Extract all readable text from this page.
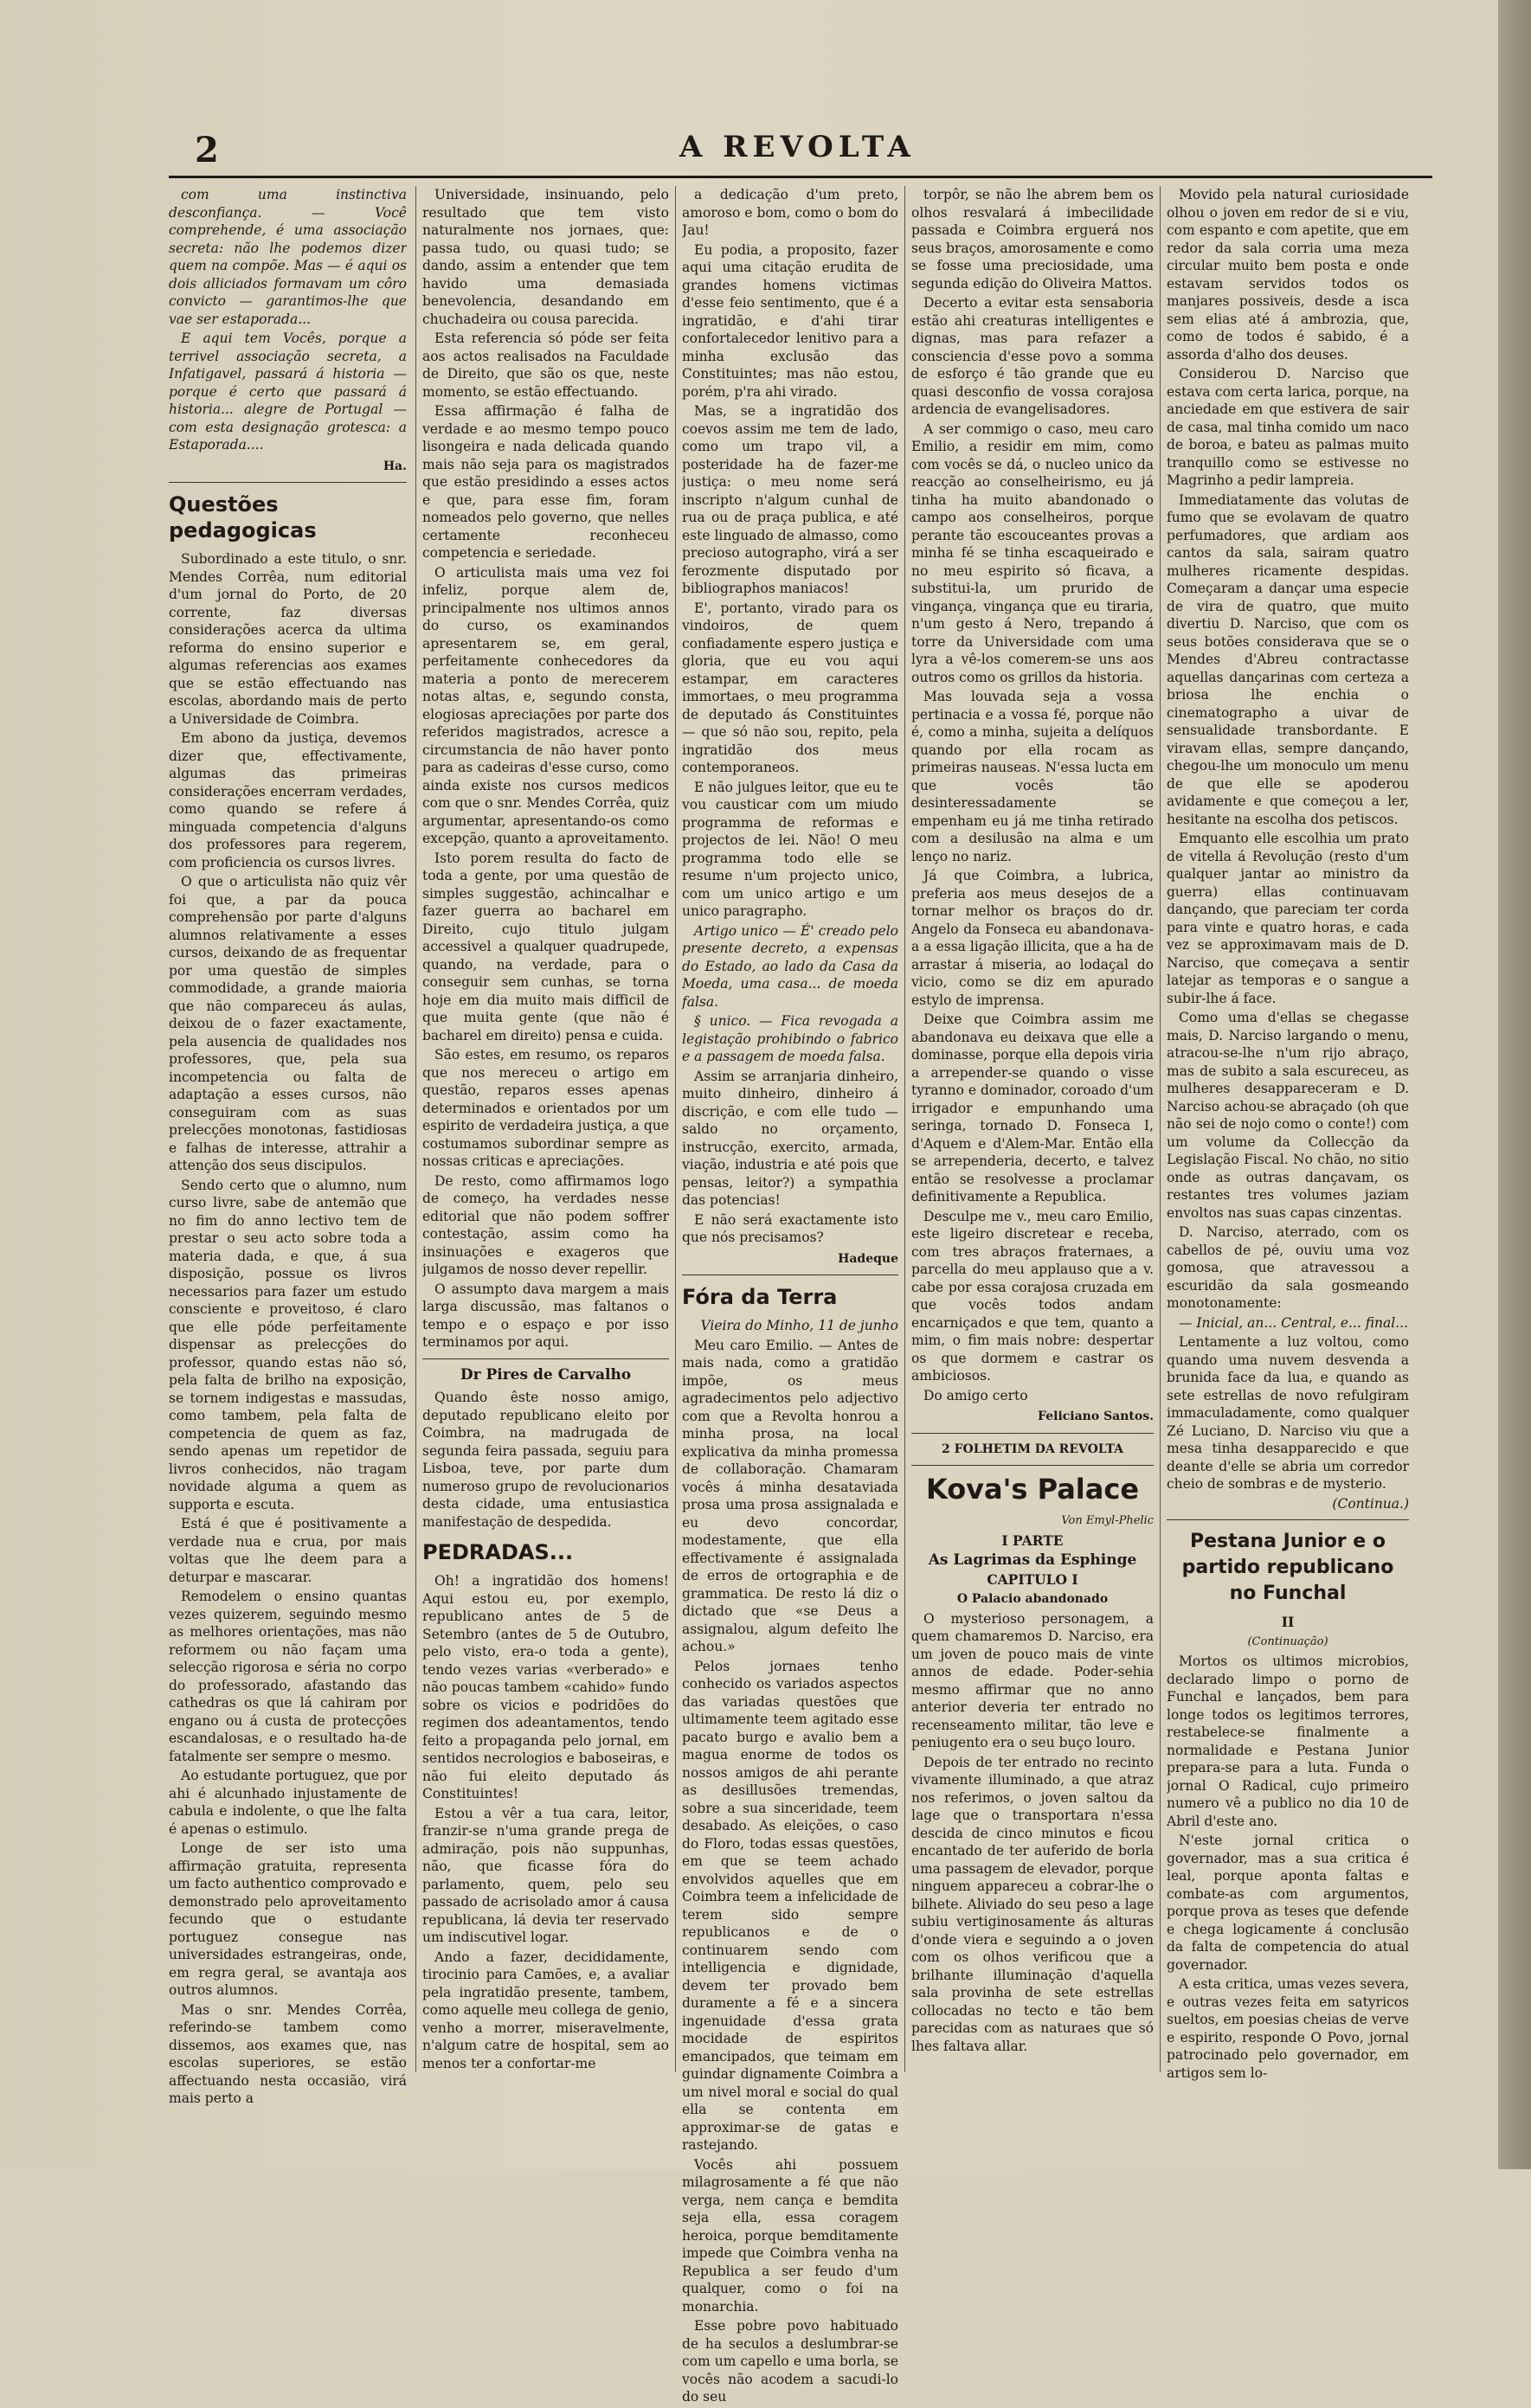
2	A REVOLTA

com uma instinctiva desconfiança. — Você comprehende, é uma associação secreta: não lhe podemos dizer quem na compõe. Mas — é aqui os dois alliciados formavam um côro convicto — garantimos-lhe que vae ser estaporada...

E aqui tem Vocês, porque a terrivel associação secreta, a Infatigavel, passará á historia — porque é certo que passará á historia... alegre de Portugal — com esta designação grotesca: a Estaporada....

Ha.
Questões pedagogicas

Subordinado a este titulo, o snr. Mendes Corrêa, num editorial d'um jornal do Porto, de 20 corrente, faz diversas considerações acerca da ultima reforma do ensino superior e algumas referencias aos exames que se estão effectuando nas escolas, abordando mais de perto a Universidade de Coimbra.

Em abono da justiça, devemos dizer que, effectivamente, algumas das primeiras considerações encerram verdades, como quando se refere á minguada competencia d'alguns dos professores para regerem, com proficiencia os cursos livres.

O que o articulista não quiz vêr foi que, a par da pouca comprehensão por parte d'alguns alumnos relativamente a esses cursos, deixando de as frequentar por uma questão de simples commodidade, a grande maioria que não compareceu ás aulas, deixou de o fazer exactamente, pela ausencia de qualidades nos professores, que, pela sua incompetencia ou falta de adaptação a esses cursos, não conseguiram com as suas prelecções monotonas, fastidiosas e falhas de interesse, attrahir a attenção dos seus discipulos.

Sendo certo que o alumno, num curso livre, sabe de antemão que no fim do anno lectivo tem de prestar o seu acto sobre toda a materia dada, e que, á sua disposição, possue os livros necessarios para fazer um estudo consciente e proveitoso, é claro que elle póde perfeitamente dispensar as prelecções do professor, quando estas não só, pela falta de brilho na exposição, se tornem indigestas e massudas, como tambem, pela falta de competencia de quem as faz, sendo apenas um repetidor de livros conhecidos, não tragam novidade alguma a quem as supporta e escuta.

Está é que é positivamente a verdade nua e crua, por mais voltas que lhe deem para a deturpar e mascarar.

Remodelem o ensino quantas vezes quizerem, seguindo mesmo as melhores orientações, mas não reformem ou não façam uma selecção rigorosa e séria no corpo do professorado, afastando das cathedras os que lá cahiram por engano ou á custa de protecções escandalosas, e o resultado ha-de fatalmente ser sempre o mesmo.

Ao estudante portuguez, que por ahi é alcunhado injustamente de cabula e indolente, o que lhe falta é apenas o estimulo.

Longe de ser isto uma affirmação gratuita, representa um facto authentico comprovado e demonstrado pelo aproveitamento fecundo que o estudante portuguez consegue nas universidades estrangeiras, onde, em regra geral, se avantaja aos outros alumnos.

Mas o snr. Mendes Corrêa, referindo-se tambem como dissemos, aos exames que, nas escolas superiores, se estão affectuando nesta occasião, virá mais perto a

Universidade, insinuando, pelo resultado que tem visto naturalmente nos jornaes, que: passa tudo, ou quasi tudo; se dando, assim a entender que tem havido uma demasiada benevolencia, desandando em chuchadeira ou cousa parecida.

Esta referencia só póde ser feita aos actos realisados na Faculdade de Direito, que são os que, neste momento, se estão effectuando.

Essa affirmação é falha de verdade e ao mesmo tempo pouco lisongeira e nada delicada quando mais não seja para os magistrados que estão presidindo a esses actos e que, para esse fim, foram nomeados pelo governo, que nelles certamente reconheceu competencia e seriedade.

O articulista mais uma vez foi infeliz, porque alem de, principalmente nos ultimos annos do curso, os examinandos apresentarem se, em geral, perfeitamente conhecedores da materia a ponto de merecerem notas altas, e, segundo consta, elogiosas apreciações por parte dos referidos magistrados, acresce a circumstancia de não haver ponto para as cadeiras d'esse curso, como ainda existe nos cursos medicos com que o snr. Mendes Corrêa, quiz argumentar, apresentando-os como excepção, quanto a aproveitamento.

Isto porem resulta do facto de toda a gente, por uma questão de simples suggestão, achincalhar e fazer guerra ao bacharel em Direito, cujo titulo julgam accessivel a qualquer quadrupede, quando, na verdade, para o conseguir sem cunhas, se torna hoje em dia muito mais difficil de que muita gente (que não é bacharel em direito) pensa e cuida.

São estes, em resumo, os reparos que nos mereceu o artigo em questão, reparos esses apenas determinados e orientados por um espirito de verdadeira justiça, a que costumamos subordinar sempre as nossas criticas e apreciações.

De resto, como affirmamos logo de começo, ha verdades nesse editorial que não podem soffrer contestação, assim como ha insinuações e exageros que julgamos de nosso dever repellir.

O assumpto dava margem a mais larga discussão, mas faltanos o tempo e o espaço e por isso terminamos por aqui.

Dr Pires de Carvalho

Quando êste nosso amigo, deputado republicano eleito por Coimbra, na madrugada de segunda feira passada, seguiu para Lisboa, teve, por parte dum numeroso grupo de revolucionarios desta cidade, uma entusiastica manifestação de despedida.

PEDRADAS...

Oh! a ingratidão dos homens! Aqui estou eu, por exemplo, republicano antes de 5 de Setembro (antes de 5 de Outubro, pelo visto, era-o toda a gente), tendo vezes varias «verberado» e não poucas tambem «cahido» fundo sobre os vicios e podridões do regimen dos adeantamentos, tendo feito a propaganda pelo jornal, em sentidos necrologios e baboseiras, e não fui eleito deputado ás Constituintes!

Estou a vêr a tua cara, leitor, franzir-se n'uma grande prega de admiração, pois não suppunhas, não, que ficasse fóra do parlamento, quem, pelo seu passado de acrisolado amor á causa republicana, lá devia ter reservado um indiscutivel logar.

Ando a fazer, decididamente, tirocinio para Camões, e, a avaliar pela ingratidão presente, tambem, como aquelle meu collega de genio, venho a morrer, miseravelmente, n'algum catre de hospital, sem ao menos ter a confortar-me

a dedicação d'um preto, amoroso e bom, como o bom do Jau!

Eu podia, a proposito, fazer aqui uma citação erudita de grandes homens victimas d'esse feio sentimento, que é a ingratidão, e d'ahi tirar confortalecedor lenitivo para a minha exclusão das Constituintes; mas não estou, porém, p'ra ahi virado.

Mas, se a ingratidão dos coevos assim me tem de lado, como um trapo vil, a posteridade ha de fazer-me justiça: o meu nome será inscripto n'algum cunhal de rua ou de praça publica, e até este linguado de almasso, como precioso autographo, virá a ser ferozmente disputado por bibliographos maniacos!

E', portanto, virado para os vindoiros, de quem confiadamente espero justiça e gloria, que eu vou aqui estampar, em caracteres immortaes, o meu programma de deputado ás Constituintes — que só não sou, repito, pela ingratidão dos meus contemporaneos.

E não julgues leitor, que eu te vou causticar com um miudo programma de reformas e projectos de lei. Não! O meu programma todo elle se resume n'um projecto unico, com um unico artigo e um unico paragrapho.

Artigo unico — É' creado pelo presente decreto, a expensas do Estado, ao lado da Casa da Moeda, uma casa... de moeda falsa.

§ unico. — Fica revogada a legistação prohibindo o fabrico e a passagem de moeda falsa.

Assim se arranjaria dinheiro, muito dinheiro, dinheiro á discrição, e com elle tudo — saldo no orçamento, instrucção, exercito, armada, viação, industria e até pois que pensas, leitor?) a sympathia das potencias!

E não será exactamente isto que nós precisamos?

Hadeque
Fóra da Terra

Vieira do Minho, 11 de junho

Meu caro Emilio. — Antes de mais nada, como a gratidão impõe, os meus agradecimentos pelo adjectivo com que a Revolta honrou a minha prosa, na local explicativa da minha promessa de collaboração. Chamaram vocês á minha desataviada prosa uma prosa assignalada e eu devo concordar, modestamente, que ella effectivamente é assignalada de erros de ortographia e de grammatica. De resto lá diz o dictado que «se Deus a assignalou, algum defeito lhe achou.»

Pelos jornaes tenho conhecido os variados aspectos das variadas questões que ultimamente teem agitado esse pacato burgo e avalio bem a magua enorme de todos os nossos amigos de ahi perante as desillusões tremendas, sobre a sua sinceridade, teem desabado. As eleições, o caso do Floro, todas essas questões, em que se teem achado envolvidos aquelles que em Coimbra teem a infelicidade de terem sido sempre republicanos e de o continuarem sendo com intelligencia e dignidade, devem ter provado bem duramente a fé e a sincera ingenuidade d'essa grata mocidade de espiritos emancipados, que teimam em guindar dignamente Coimbra a um nivel moral e social do qual ella se contenta em approximar-se de gatas e rastejando.

Vocês ahi possuem milagrosamente a fé que não verga, nem cança e bemdita seja ella, essa coragem heroica, porque bemditamente impede que Coimbra venha na Republica a ser feudo d'um qualquer, como o foi na monarchia.

Esse pobre povo habituado de ha seculos a deslumbrar-se com um capello e uma borla, se vocês não acodem a sacudi-lo do seu

torpôr, se não lhe abrem bem os olhos resvalará á imbecilidade passada e Coimbra erguerá nos seus braços, amorosamente e como se fosse uma preciosidade, uma segunda edição do Oliveira Mattos.

Decerto a evitar esta sensaboria estão ahi creaturas intelligentes e dignas, mas para refazer a consciencia d'esse povo a somma de esforço é tão grande que eu quasi desconfio de vossa corajosa ardencia de evangelisadores.

A ser commigo o caso, meu caro Emilio, a residir em mim, como com vocês se dá, o nucleo unico da reacção ao conselheirismo, eu já tinha ha muito abandonado o campo aos conselheiros, porque perante tão escouceantes provas a minha fé se tinha escaqueirado e no meu espirito só ficava, a substitui-la, um prurido de vingança, vingança que eu tiraria, n'um gesto á Nero, trepando á torre da Universidade com uma lyra a vê-los comerem-se uns aos outros como os grillos da historia.

Mas louvada seja a vossa pertinacia e a vossa fé, porque não é, como a minha, sujeita a delíquos quando por ella rocam as primeiras nauseas. N'essa lucta em que vocês tão desinteressadamente se empenham eu já me tinha retirado com a desilusão na alma e um lenço no nariz.

Já que Coimbra, a lubrica, preferia aos meus desejos de a tornar melhor os braços do dr. Angelo da Fonseca eu abandonava-a a essa ligação illicita, que a ha de arrastar á miseria, ao lodaçal do vicio, como se diz em apurado estylo de imprensa.

Deixe que Coimbra assim me abandonava eu deixava que elle a dominasse, porque ella depois viria a arrepender-se quando o visse tyranno e dominador, coroado d'um irrigador e empunhando uma seringa, tornado D. Fonseca I, d'Aquem e d'Alem-Mar. Então ella se arrependeria, decerto, e talvez então se resolvesse a proclamar definitivamente a Republica.

Desculpe me v., meu caro Emilio, este ligeiro discretear e receba, com tres abraços fraternaes, a parcella do meu applauso que a v. cabe por essa corajosa cruzada em que vocês todos andam encarniçados e que tem, quanto a mim, o fim mais nobre: despertar os que dormem e castrar os ambiciosos.

Do amigo certo

Feliciano Santos.

2 FOLHETIM DA REVOLTA

Kova's Palace

Von Emyl-Phelic

I PARTE

As Lagrimas da Esphinge

CAPITULO I

O Palacio abandonado

O mysterioso personagem, a quem chamaremos D. Narciso, era um joven de pouco mais de vinte annos de edade. Poder-sehia mesmo affirmar que no anno anterior deveria ter entrado no recenseamento militar, tão leve e peniugento era o seu buço louro.

Depois de ter entrado no recinto vivamente illuminado, a que atraz nos referimos, o joven saltou da lage que o transportara n'essa descida de cinco minutos e ficou encantado de ter auferido de borla uma passagem de elevador, porque ninguem appareceu a cobrar-lhe o bilhete. Aliviado do seu peso a lage subiu vertiginosamente ás alturas d'onde viera e seguindo a o joven com os olhos verificou que a brilhante illuminação d'aquella sala provinha de sete estrellas collocadas no tecto e tão bem parecidas com as naturaes que só lhes faltava allar.

Movido pela natural curiosidade olhou o joven em redor de si e viu, com espanto e com apetite, que em redor da sala corria uma meza circular muito bem posta e onde estavam servidos todos os manjares possiveis, desde a isca sem elias até á ambrozia, que, como de todos é sabido, é a assorda d'alho dos deuses.

Considerou D. Narciso que estava com certa larica, porque, na anciedade em que estivera de sair de casa, mal tinha comido um naco de boroa, e bateu as palmas muito tranquillo como se estivesse no Magrinho a pedir lampreia.

Immediatamente das volutas de fumo que se evolavam de quatro perfumadores, que ardiam aos cantos da sala, sairam quatro mulheres ricamente despidas. Começaram a dançar uma especie de vira de quatro, que muito divertiu D. Narciso, que com os seus botões considerava que se o Mendes d'Abreu contractasse aquellas dançarinas com certeza a briosa lhe enchia o cinematographo a uivar de sensualidade transbordante. E viravam ellas, sempre dançando, chegou-lhe um monoculo um menu de que elle se apoderou avidamente e que começou a ler, hesitante na escolha dos petiscos.

Emquanto elle escolhia um prato de vitella á Revolução (resto d'um qualquer jantar ao ministro da guerra) ellas continuavam dançando, que pareciam ter corda para vinte e quatro horas, e cada vez se approximavam mais de D. Narciso, que começava a sentir latejar as temporas e o sangue a subir-lhe á face.

Como uma d'ellas se chegasse mais, D. Narciso largando o menu, atracou-se-lhe n'um rijo abraço, mas de subito a sala escureceu, as mulheres desappareceram e D. Narciso achou-se abraçado (oh que não sei de nojo como o conte!) com um volume da Collecção da Legislação Fiscal. No chão, no sitio onde as outras dançavam, os restantes tres volumes jaziam envoltos nas suas capas cinzentas.

D. Narciso, aterrado, com os cabellos de pé, ouviu uma voz gomosa, que atravessou a escuridão da sala gosmeando monotonamente:

— Inicial, an... Central, e... final...

Lentamente a luz voltou, como quando uma nuvem desvenda a brunida face da lua, e quando as sete estrellas de novo refulgiram immaculadamente, como qualquer Zé Luciano, D. Narciso viu que a mesa tinha desapparecido e que deante d'elle se abria um corredor cheio de sombras e de mysterio.

(Continua.)

Pestana Junior e o partido republicano no Funchal

II

(Continuação)

Mortos os ultimos microbios, declarado limpo o porno de Funchal e lançados, bem para longe todos os legitimos terrores, restabelece-se finalmente a normalidade e Pestana Junior prepara-se para a luta. Funda o jornal O Radical, cujo primeiro numero vê a publico no dia 10 de Abril d'este ano.

N'este jornal critica o governador, mas a sua critica é leal, porque aponta faltas e combate-as com argumentos, porque prova as teses que defende e chega logicamente á conclusão da falta de competencia do atual governador.

A esta critica, umas vezes severa, e outras vezes feita em satyricos sueltos, em poesias cheias de verve e espirito, responde O Povo, jornal patrocinado pelo governador, em artigos sem lo-
